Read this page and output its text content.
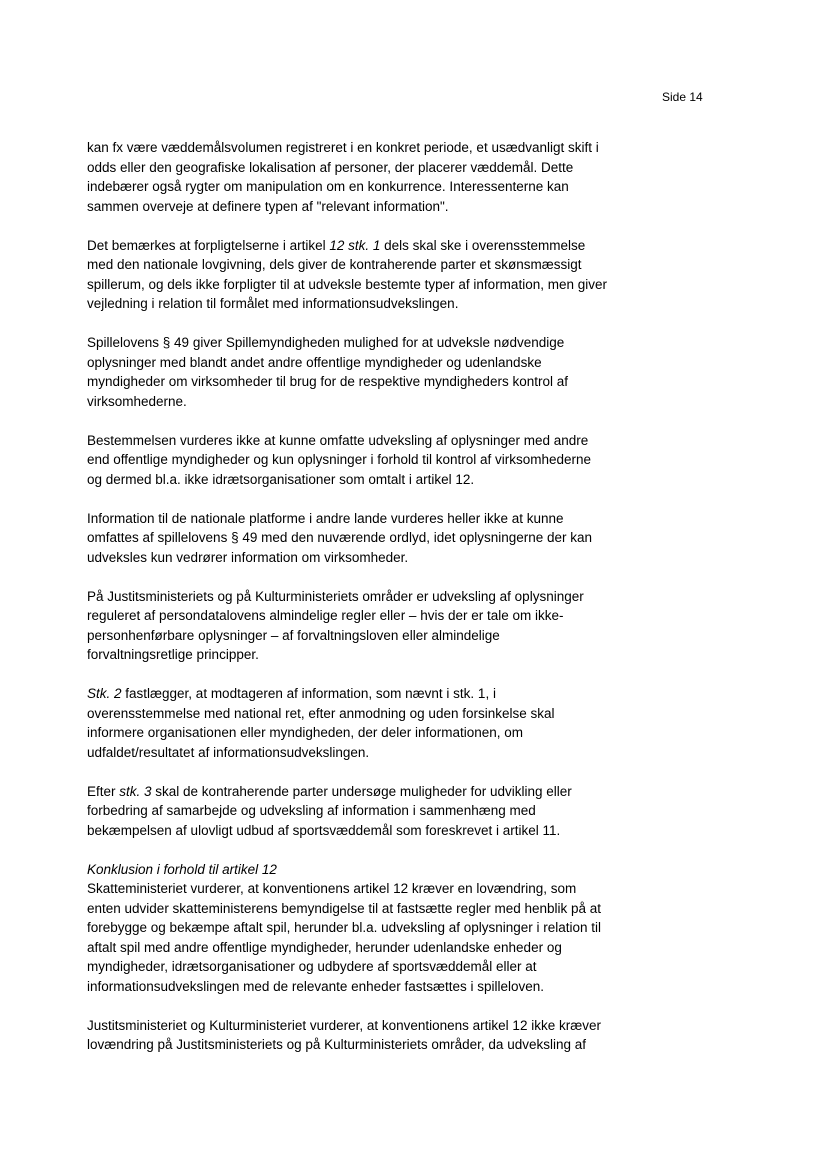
Side 14

kan fx være væddemålsvolumen registreret i en konkret periode, et usædvanligt skift i
odds eller den geografiske lokalisation af personer, der placerer væddemål. Dette
indebærer også rygter om manipulation om en konkurrence. Interessenterne kan
sammen overveje at definere typen af "relevant information".

Det bemærkes at forpligtelserne i artikel 12 stk. 1 dels skal ske i overensstemmelse
med den nationale lovgivning, dels giver de kontraherende parter et skønsmæssigt
spillerum, og dels ikke forpligter til at udveksle bestemte typer af information, men giver
vejledning i relation til formålet med informationsudvekslingen.

Spillelovens § 49 giver Spillemyndigheden mulighed for at udveksle nødvendige
oplysninger med blandt andet andre offentlige myndigheder og udenlandske
myndigheder om virksomheder til brug for de respektive myndigheders kontrol af
virksomhederne.

Bestemmelsen vurderes ikke at kunne omfatte udveksling af oplysninger med andre
end offentlige myndigheder og kun oplysninger i forhold til kontrol af virksomhederne
og dermed bl.a. ikke idrætsorganisationer som omtalt i artikel 12.

Information til de nationale platforme i andre lande vurderes heller ikke at kunne
omfattes af spillelovens § 49 med den nuværende ordlyd, idet oplysningerne der kan
udveksles kun vedrører information om virksomheder.

På Justitsministeriets og på Kulturministeriets områder er udveksling af oplysninger
reguleret af persondatalovens almindelige regler eller – hvis der er tale om ikke-
personhenførbare oplysninger – af forvaltningsloven eller almindelige
forvaltningsretlige principper.

Stk. 2 fastlægger, at modtageren af information, som nævnt i stk. 1, i
overensstemmelse med national ret, efter anmodning og uden forsinkelse skal
informere organisationen eller myndigheden, der deler informationen, om
udfaldet/resultatet af informationsudvekslingen.

Efter stk. 3 skal de kontraherende parter undersøge muligheder for udvikling eller
forbedring af samarbejde og udveksling af information i sammenhæng med
bekæmpelsen af ulovligt udbud af sportsvæddemål som foreskrevet i artikel 11.

Konklusion i forhold til artikel 12
Skatteministeriet vurderer, at konventionens artikel 12 kræver en lovændring, som
enten udvider skatteministerens bemyndigelse til at fastsætte regler med henblik på at
forebygge og bekæmpe aftalt spil, herunder bl.a. udveksling af oplysninger i relation til
aftalt spil med andre offentlige myndigheder, herunder udenlandske enheder og
myndigheder, idrætsorganisationer og udbydere af sportsvæddemål eller at
informationsudvekslingen med de relevante enheder fastsættes i spilleloven.

Justitsministeriet og Kulturministeriet vurderer, at konventionens artikel 12 ikke kræver
lovændring på Justitsministeriets og på Kulturministeriets områder, da udveksling af
